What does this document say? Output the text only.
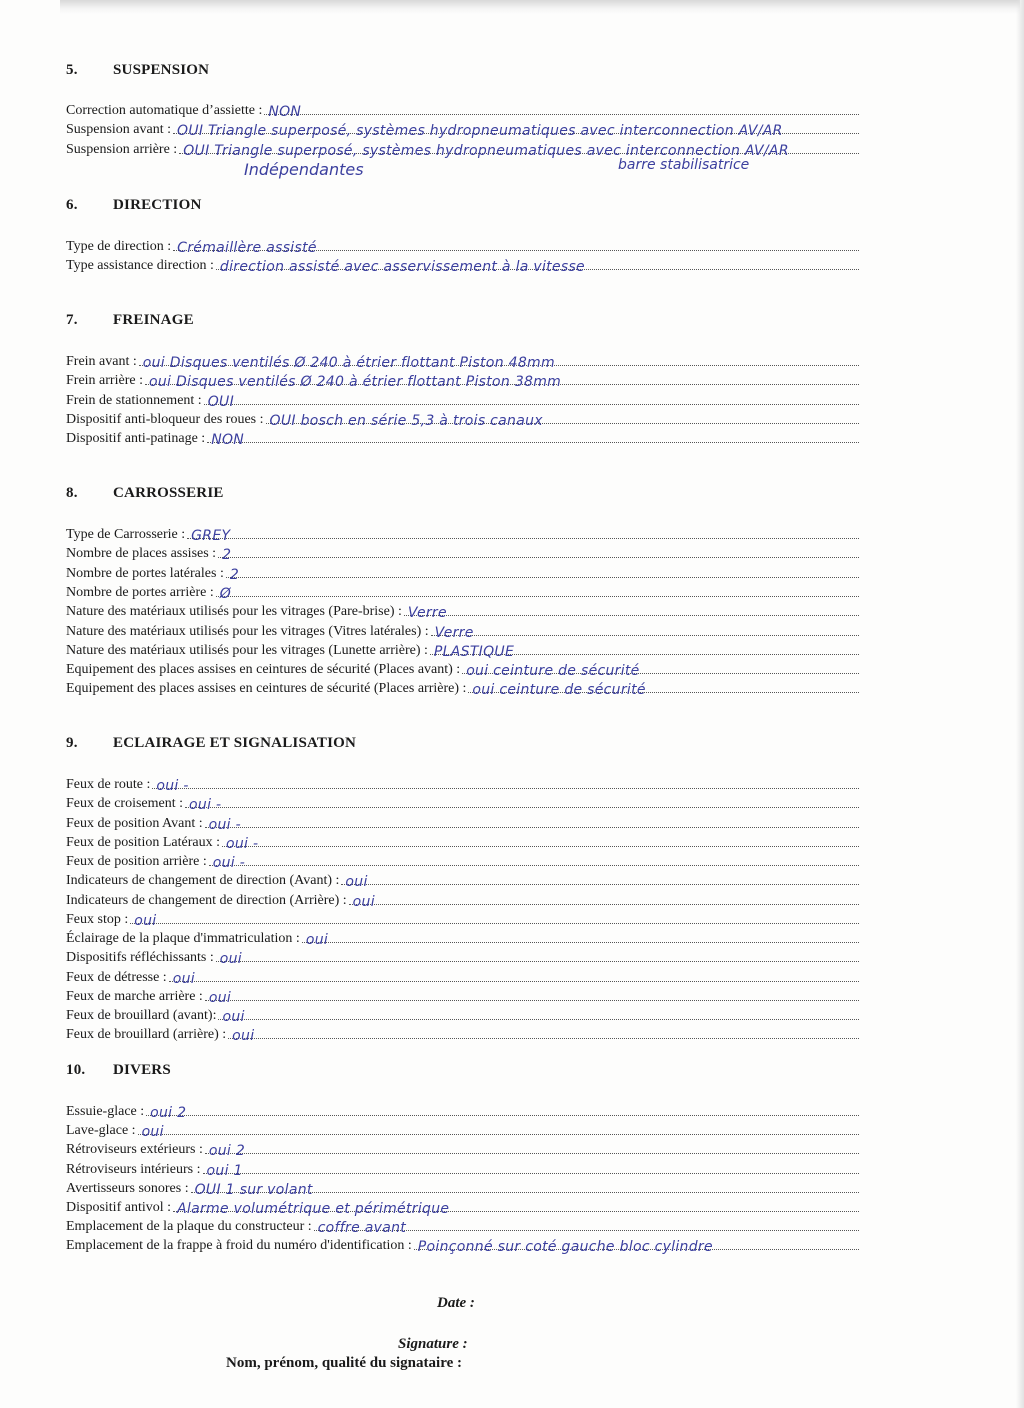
5. SUSPENSION
Correction automatique d’assiette : NON
Suspension avant : OUI Triangle superposé, systèmes hydropneumatiques avec interconnection AV/AR
Suspension arrière : OUI Triangle superposé, systèmes hydropneumatiques avec interconnection AV/AR
Indépendantes	barre stabilisatrice
6. DIRECTION
Type de direction : Crémaillère assisté
Type assistance direction : direction assisté avec asservissement à la vitesse
7. FREINAGE
Frein avant : oui Disques ventilés Ø 240 à étrier flottant Piston 48mm
Frein arrière : oui Disques ventilés Ø 240 à étrier flottant Piston 38mm
Frein de stationnement : OUI
Dispositif anti-bloqueur des roues : OUI bosch en série 5,3 à trois canaux
Dispositif anti-patinage : NON
8. CARROSSERIE
Type de Carrosserie : GREY
Nombre de places assises : 2
Nombre de portes latérales : 2
Nombre de portes arrière : Ø
Nature des matériaux utilisés pour les vitrages (Pare-brise) : Verre
Nature des matériaux utilisés pour les vitrages (Vitres latérales) : Verre
Nature des matériaux utilisés pour les vitrages (Lunette arrière) : PLASTIQUE
Equipement des places assises en ceintures de sécurité (Places avant) : oui ceinture de sécurité
Equipement des places assises en ceintures de sécurité (Places arrière) : oui ceinture de sécurité
9. ECLAIRAGE ET SIGNALISATION
Feux de route : oui -
Feux de croisement : oui -
Feux de position Avant : oui -
Feux de position Latéraux : oui -
Feux de position arrière : oui -
Indicateurs de changement de direction (Avant) : oui
Indicateurs de changement de direction (Arrière) : oui
Feux stop : oui
Éclairage de la plaque d'immatriculation : oui
Dispositifs réfléchissants : oui
Feux de détresse : oui
Feux de marche arrière : oui
Feux de brouillard (avant): oui
Feux de brouillard (arrière) : oui
10. DIVERS
Essuie-glace : oui 2
Lave-glace : oui
Rétroviseurs extérieurs : oui 2
Rétroviseurs intérieurs : oui 1
Avertisseurs sonores : OUI 1 sur volant
Dispositif antivol : Alarme volumétrique et périmétrique
Emplacement de la plaque du constructeur : coffre avant
Emplacement de la frappe à froid du numéro d'identification : Poinçonné sur coté gauche bloc cylindre
Date :
Signature :
Nom, prénom, qualité du signataire :
